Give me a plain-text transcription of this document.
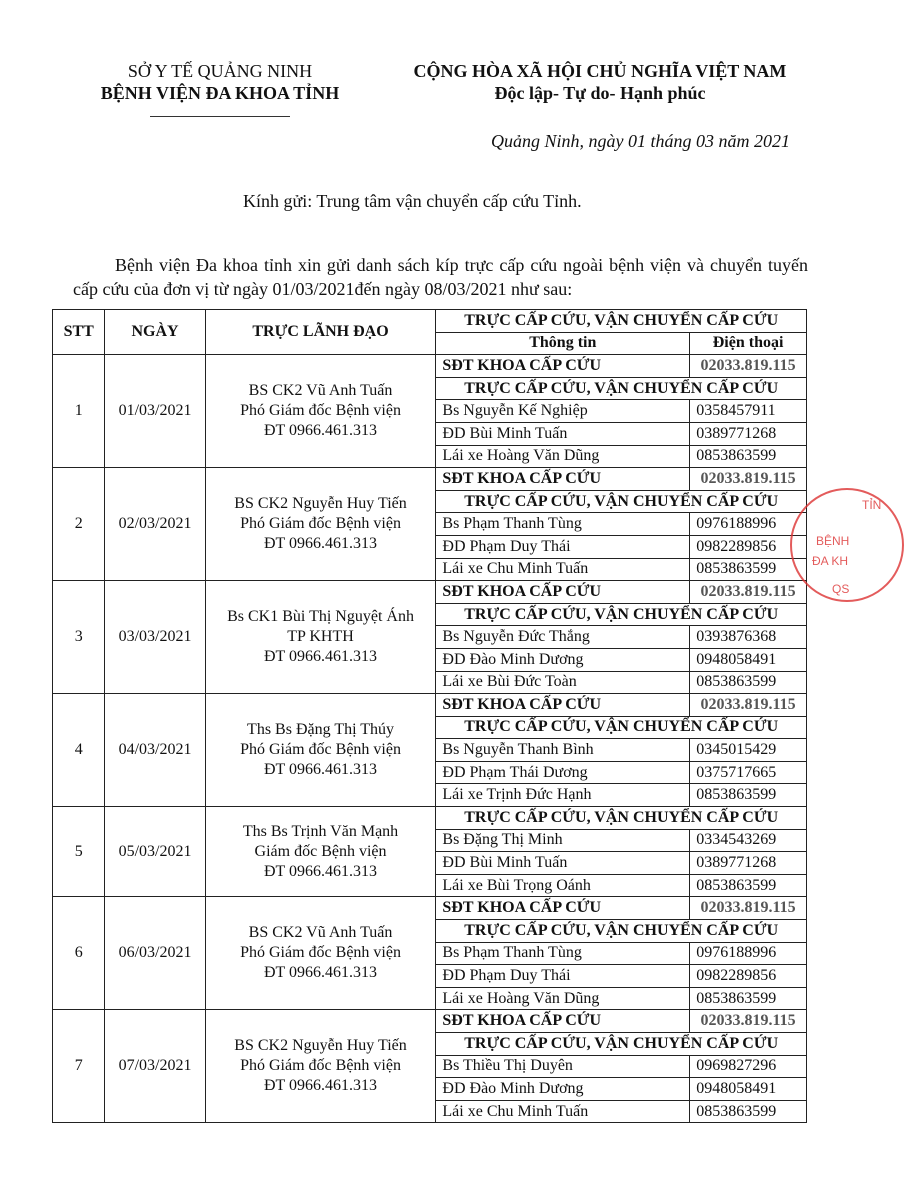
SỞ Y TẾ QUẢNG NINH
BỆNH VIỆN ĐA KHOA TỈNH
CỘNG HÒA XÃ HỘI CHỦ NGHĨA VIỆT NAM
Độc lập- Tự do- Hạnh phúc
Quảng Ninh, ngày 01 tháng 03 năm 2021
Kính gửi: Trung tâm vận chuyển cấp cứu Tỉnh.
Bệnh viện Đa khoa tỉnh xin gửi danh sách kíp trực cấp cứu ngoài bệnh viện và chuyển tuyến cấp cứu của đơn vị từ ngày 01/03/2021đến ngày 08/03/2021 như sau:
STT	NGÀY	TRỰC LÃNH ĐẠO	TRỰC CẤP CỨU, VẬN CHUYỂN CẤP CỨU	
			Thông tin	Điện thoại
1	01/03/2021	BS CK2 Vũ Anh Tuấn
Phó Giám đốc Bệnh viện
ĐT 0966.461.313	SĐT KHOA CẤP CỨU	02033.819.115
			TRỰC CẤP CỨU, VẬN CHUYỂN CẤP CỨU	
			Bs Nguyễn Kế Nghiệp	0358457911
			ĐD Bùi Minh Tuấn	0389771268
			Lái xe Hoàng Văn Dũng	0853863599
2	02/03/2021	BS CK2 Nguyễn Huy Tiến
Phó Giám đốc Bệnh viện
ĐT 0966.461.313	SĐT KHOA CẤP CỨU	02033.819.115
			TRỰC CẤP CỨU, VẬN CHUYỂN CẤP CỨU	
			Bs Phạm Thanh Tùng	0976188996
			ĐD Phạm Duy Thái	0982289856
			Lái xe Chu Minh Tuấn	0853863599
3	03/03/2021	Bs CK1 Bùi Thị Nguyệt Ánh
TP KHTH
ĐT 0966.461.313	SĐT KHOA CẤP CỨU	02033.819.115
			TRỰC CẤP CỨU, VẬN CHUYỂN CẤP CỨU	
			Bs Nguyễn Đức Thắng	0393876368
			ĐD Đào Minh Dương	0948058491
			Lái xe Bùi Đức Toàn	0853863599
4	04/03/2021	Ths Bs Đặng Thị Thúy
Phó Giám đốc Bệnh viện
ĐT 0966.461.313	SĐT KHOA CẤP CỨU	02033.819.115
			TRỰC CẤP CỨU, VẬN CHUYỂN CẤP CỨU	
			Bs Nguyễn Thanh Bình	0345015429
			ĐD Phạm Thái Dương	0375717665
			Lái xe Trịnh Đức Hạnh	0853863599
5	05/03/2021	Ths Bs Trịnh Văn Mạnh
Giám đốc Bệnh viện
ĐT 0966.461.313	TRỰC CẤP CỨU, VẬN CHUYỂN CẤP CỨU	
			Bs Đặng Thị Minh	0334543269
			ĐD Bùi Minh Tuấn	0389771268
			Lái xe Bùi Trọng Oánh	0853863599
6	06/03/2021	BS CK2 Vũ Anh Tuấn
Phó Giám đốc Bệnh viện
ĐT 0966.461.313	SĐT KHOA CẤP CỨU	02033.819.115
			TRỰC CẤP CỨU, VẬN CHUYỂN CẤP CỨU	
			Bs Phạm Thanh Tùng	0976188996
			ĐD Phạm Duy Thái	0982289856
			Lái xe Hoàng Văn Dũng	0853863599
7	07/03/2021	BS CK2 Nguyễn Huy Tiến
Phó Giám đốc Bệnh viện
ĐT 0966.461.313	SĐT KHOA CẤP CỨU	02033.819.115
			TRỰC CẤP CỨU, VẬN CHUYỂN CẤP CỨU	
			Bs Thiều Thị Duyên	0969827296
			ĐD Đào Minh Dương	0948058491
			Lái xe Chu Minh Tuấn	0853863599
TỈN
BỆNH
ĐA KH
QS
